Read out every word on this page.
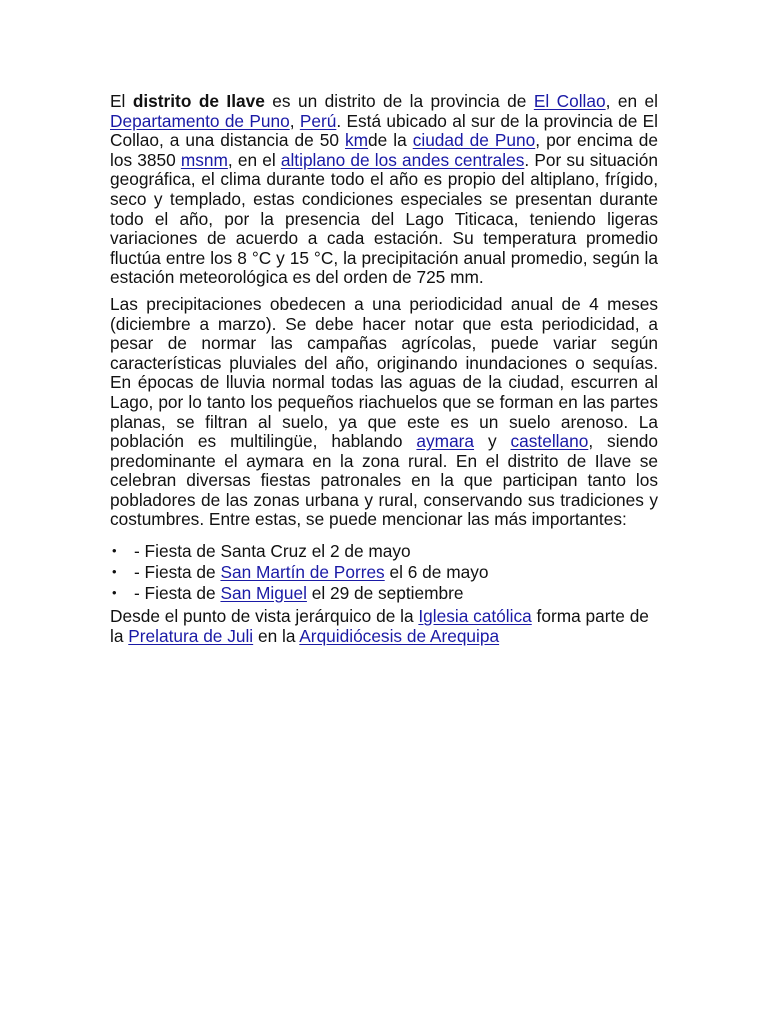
El distrito de Ilave es un distrito de la provincia de El Collao, en el Departamento de Puno, Perú. Está ubicado al sur de la provincia de El Collao, a una distancia de 50 kmde la ciudad de Puno, por encima de los 3850 msnm, en el altiplano de los andes centrales. Por su situación geográfica, el clima durante todo el año es propio del altiplano, frígido, seco y templado, estas condiciones especiales se presentan durante todo el año, por la presencia del Lago Titicaca, teniendo ligeras variaciones de acuerdo a cada estación. Su temperatura promedio fluctúa entre los 8 °C y 15 °C, la precipitación anual promedio, según la estación meteorológica es del orden de 725 mm.

Las precipitaciones obedecen a una periodicidad anual de 4 meses (diciembre a marzo). Se debe hacer notar que esta periodicidad, a pesar de normar las campañas agrícolas, puede variar según características pluviales del año, originando inundaciones o sequías. En épocas de lluvia normal todas las aguas de la ciudad, escurren al Lago, por lo tanto los pequeños riachuelos que se forman en las partes planas, se filtran al suelo, ya que este es un suelo arenoso. La población es multilingüe, hablando aymara y castellano, siendo predominante el aymara en la zona rural. En el distrito de Ilave se celebran diversas fiestas patronales en la que participan tanto los pobladores de las zonas urbana y rural, conservando sus tradiciones y costumbres. Entre estas, se puede mencionar las más importantes:

• - Fiesta de Santa Cruz el 2 de mayo
• - Fiesta de San Martín de Porres el 6 de mayo
• - Fiesta de San Miguel el 29 de septiembre

Desde el punto de vista jerárquico de la Iglesia católica forma parte de la Prelatura de Juli en la Arquidiócesis de Arequipa
